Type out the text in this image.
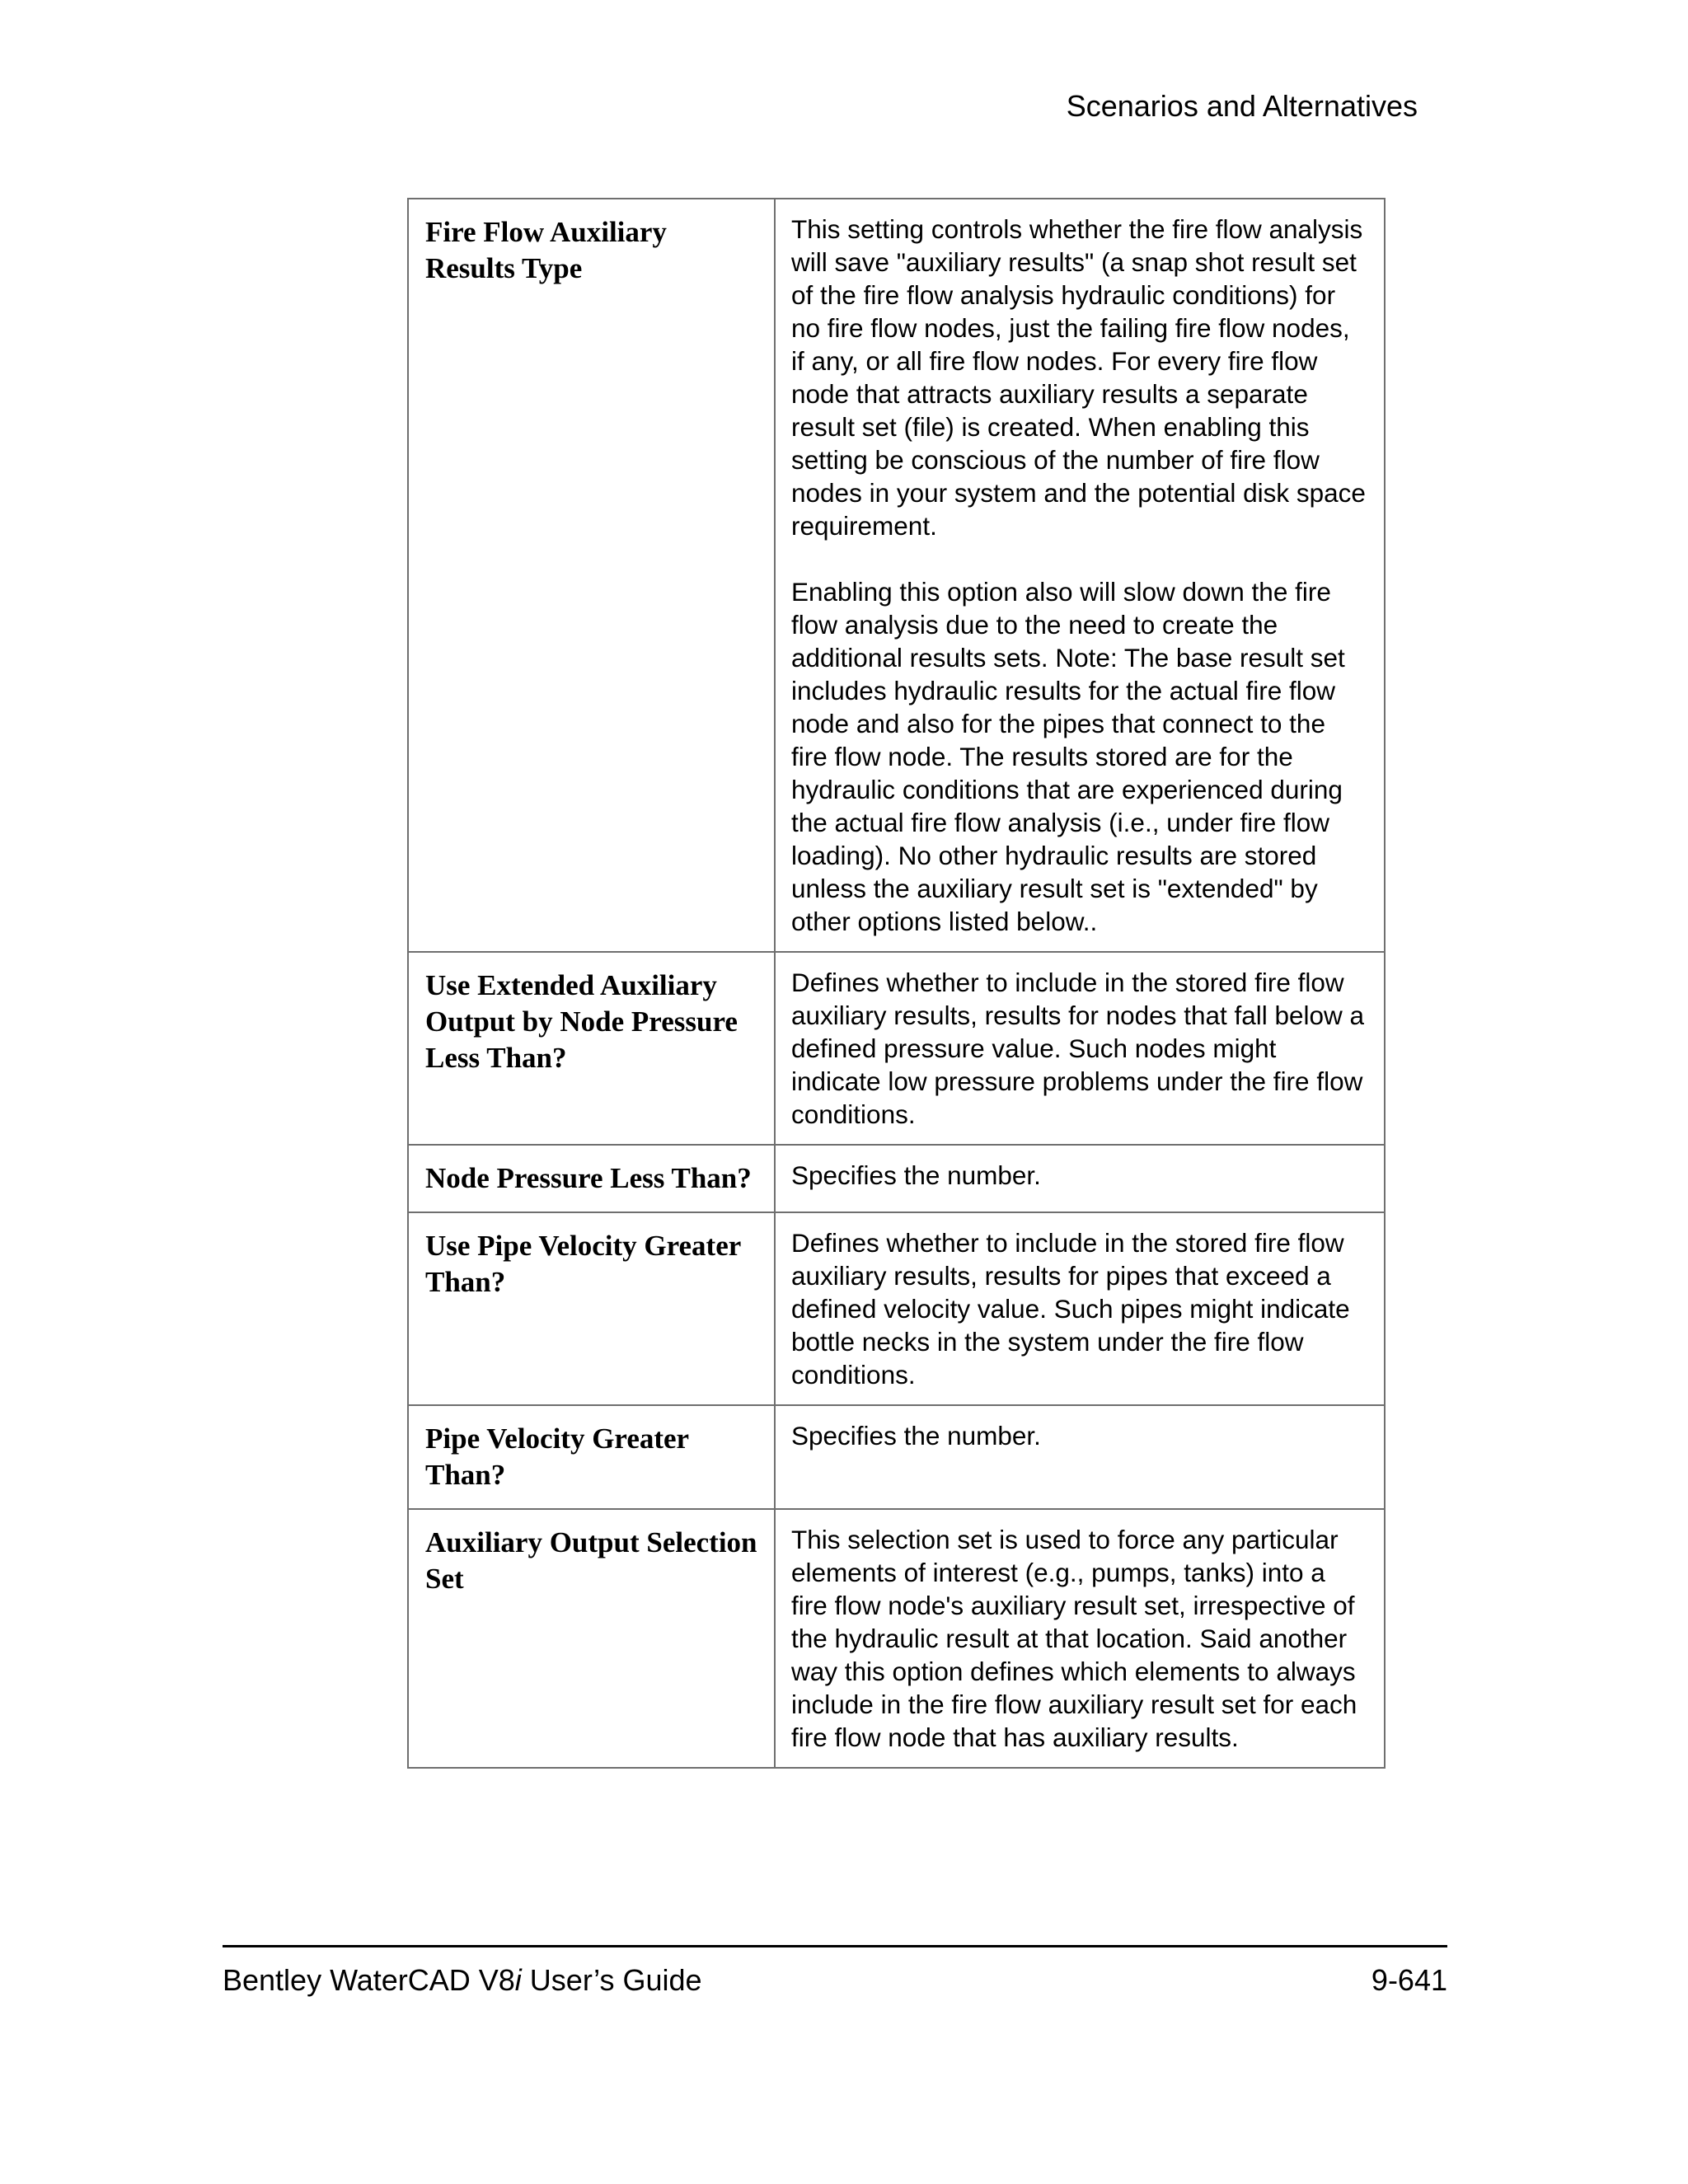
Scenarios and Alternatives
Fire Flow Auxiliary Results Type	This setting controls whether the fire flow analysis will save "auxiliary results" (a snap shot result set of the fire flow analysis hydraulic conditions) for no fire flow nodes, just the failing fire flow nodes, if any, or all fire flow nodes. For every fire flow node that attracts auxiliary results a separate result set (file) is created. When enabling this setting be conscious of the number of fire flow nodes in your system and the potential disk space requirement.

Enabling this option also will slow down the fire flow analysis due to the need to create the additional results sets. Note: The base result set includes hydraulic results for the actual fire flow node and also for the pipes that connect to the fire flow node. The results stored are for the hydraulic conditions that are experienced during the actual fire flow analysis (i.e., under fire flow loading). No other hydraulic results are stored unless the auxiliary result set is "extended" by other options listed below..

Use Extended Auxiliary Output by Node Pressure Less Than?	Defines whether to include in the stored fire flow auxiliary results, results for nodes that fall below a defined pressure value. Such nodes might indicate low pressure problems under the fire flow conditions.

Node Pressure Less Than?	Specifies the number.

Use Pipe Velocity Greater Than?	Defines whether to include in the stored fire flow auxiliary results, results for pipes that exceed a defined velocity value. Such pipes might indicate bottle necks in the system under the fire flow conditions.

Pipe Velocity Greater Than?	Specifies the number.

Auxiliary Output Selection Set	This selection set is used to force any particular elements of interest (e.g., pumps, tanks) into a fire flow node's auxiliary result set, irrespective of the hydraulic result at that location. Said another way this option defines which elements to always include in the fire flow auxiliary result set for each fire flow node that has auxiliary results.

Bentley WaterCAD V8i User’s Guide	9-641
